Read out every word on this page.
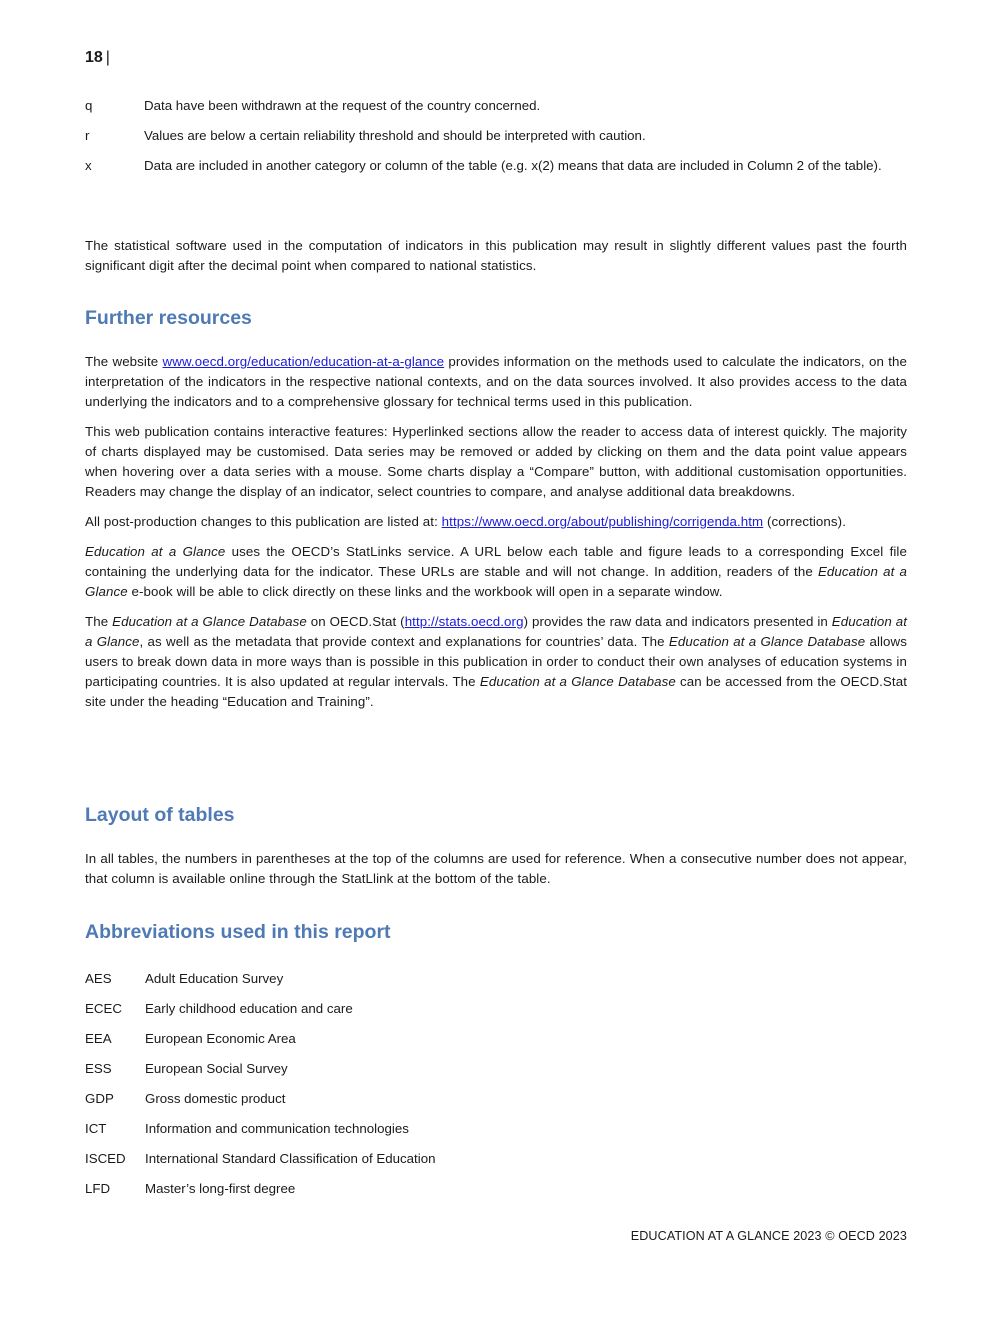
18 |
q	Data have been withdrawn at the request of the country concerned.
r	Values are below a certain reliability threshold and should be interpreted with caution.
x	Data are included in another category or column of the table (e.g. x(2) means that data are included in Column 2 of the table).

The statistical software used in the computation of indicators in this publication may result in slightly different values past the fourth significant digit after the decimal point when compared to national statistics.

Further resources

The website www.oecd.org/education/education-at-a-glance provides information on the methods used to calculate the indicators, on the interpretation of the indicators in the respective national contexts, and on the data sources involved. It also provides access to the data underlying the indicators and to a comprehensive glossary for technical terms used in this publication.

This web publication contains interactive features: Hyperlinked sections allow the reader to access data of interest quickly. The majority of charts displayed may be customised. Data series may be removed or added by clicking on them and the data point value appears when hovering over a data series with a mouse. Some charts display a “Compare” button, with additional customisation opportunities. Readers may change the display of an indicator, select countries to compare, and analyse additional data breakdowns.

All post-production changes to this publication are listed at: https://www.oecd.org/about/publishing/corrigenda.htm (corrections).

Education at a Glance uses the OECD’s StatLinks service. A URL below each table and figure leads to a corresponding Excel file containing the underlying data for the indicator. These URLs are stable and will not change. In addition, readers of the Education at a Glance e-book will be able to click directly on these links and the workbook will open in a separate window.

The Education at a Glance Database on OECD.Stat (http://stats.oecd.org) provides the raw data and indicators presented in Education at a Glance, as well as the metadata that provide context and explanations for countries’ data. The Education at a Glance Database allows users to break down data in more ways than is possible in this publication in order to conduct their own analyses of education systems in participating countries. It is also updated at regular intervals. The Education at a Glance Database can be accessed from the OECD.Stat site under the heading “Education and Training”.

Layout of tables

In all tables, the numbers in parentheses at the top of the columns are used for reference. When a consecutive number does not appear, that column is available online through the StatLlink at the bottom of the table.

Abbreviations used in this report
AES	Adult Education Survey
ECEC Early childhood education and care
EEA	European Economic Area
ESS	European Social Survey
GDP Gross domestic product
ICT	Information and communication technologies
ISCED International Standard Classification of Education
LFD	Master’s long-first degree
EDUCATION AT A GLANCE 2023 © OECD 2023
